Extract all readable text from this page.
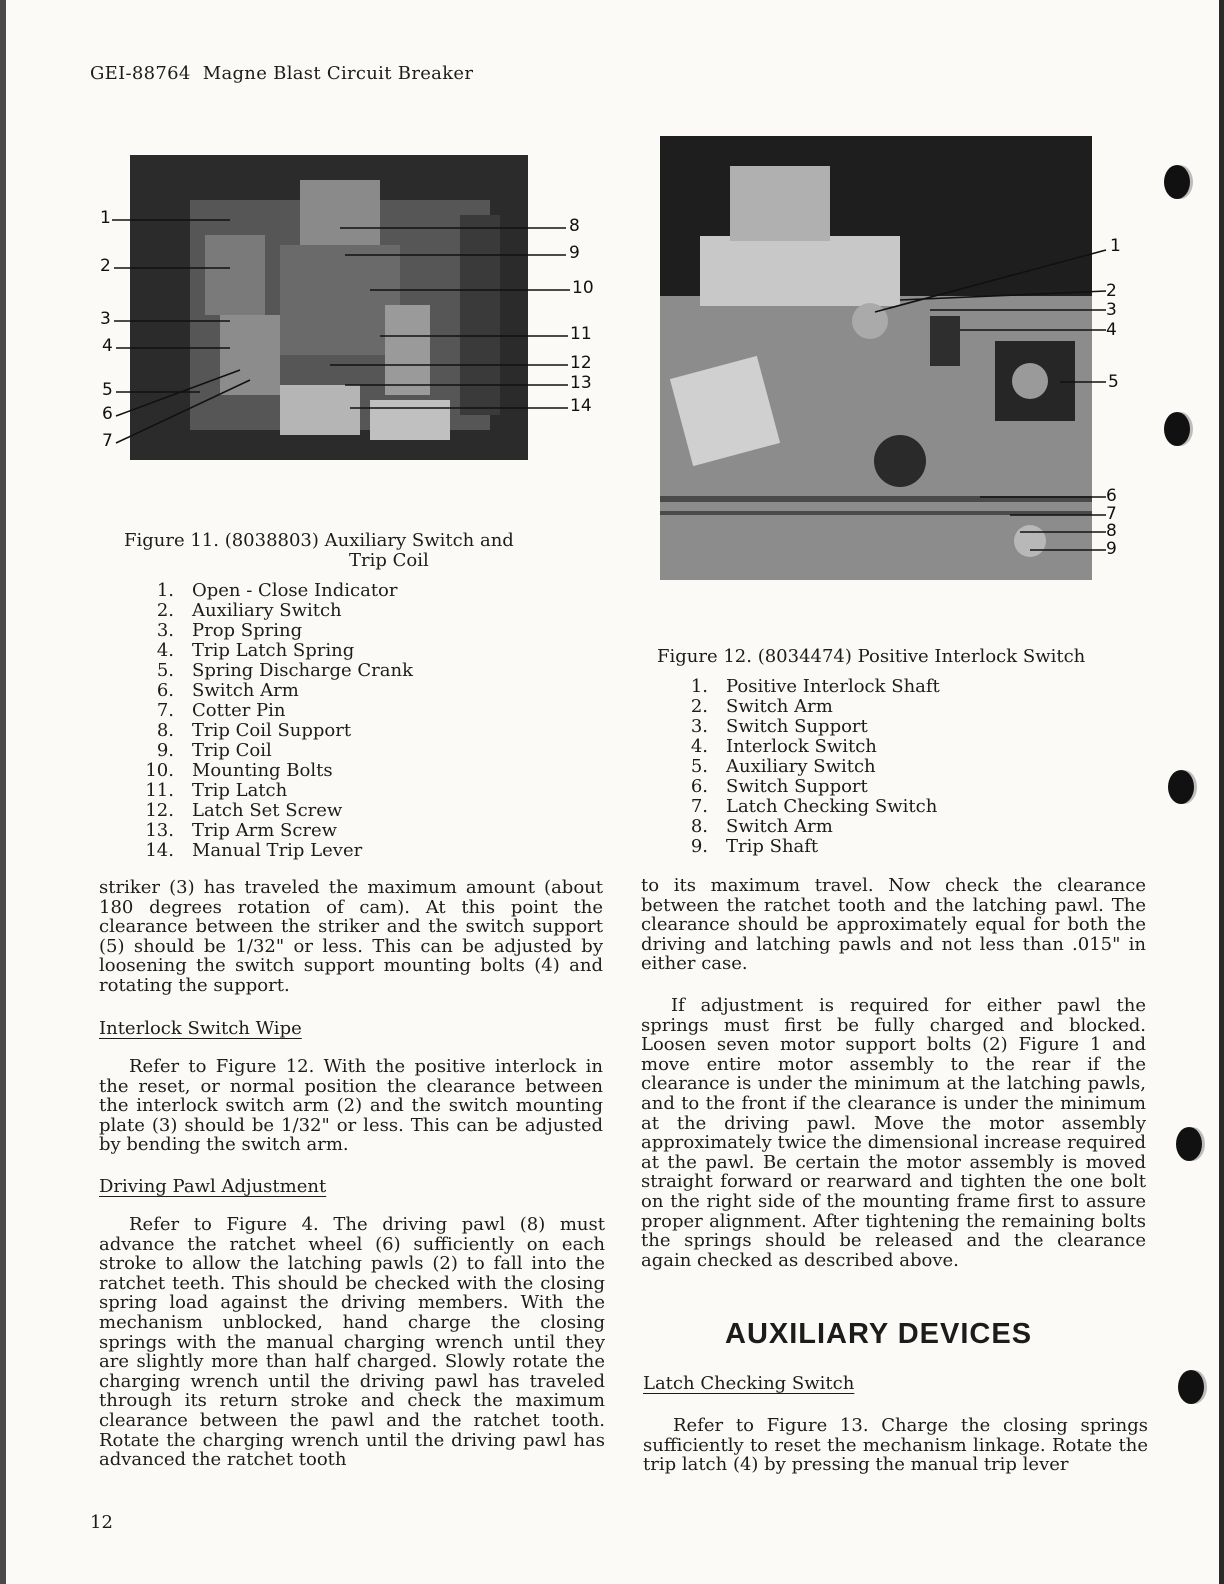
GEI-88764 Magne Blast Circuit Breaker
1
2
3
4
5
6
7
8
9
10
11
12
13
14
1
2
3
4
5
6
7
8
9
Figure 11. (8038803) Auxiliary Switch and
Trip Coil
1.	Open - Close Indicator
2.	Auxiliary Switch
3.	Prop Spring
4.	Trip Latch Spring
5.	Spring Discharge Crank
6.	Switch Arm
7.	Cotter Pin
8.	Trip Coil Support
9.	Trip Coil
10.	Mounting Bolts
11.	Trip Latch
12.	Latch Set Screw
13.	Trip Arm Screw
14.	Manual Trip Lever
Figure 12. (8034474) Positive Interlock Switch
1.	Positive Interlock Shaft
2.	Switch Arm
3.	Switch Support
4.	Interlock Switch
5.	Auxiliary Switch
6.	Switch Support
7.	Latch Checking Switch
8.	Switch Arm
9.	Trip Shaft

striker (3) has traveled the maximum amount (about 180 degrees rotation of cam). At this point the clearance between the striker and the switch support (5) should be 1/32" or less. This can be adjusted by loosening the switch support mounting bolts (4) and rotating the support.

Interlock Switch Wipe

Refer to Figure 12. With the positive interlock in the reset, or normal position the clearance between the interlock switch arm (2) and the switch mounting plate (3) should be 1/32" or less. This can be adjusted by bending the switch arm.

Driving Pawl Adjustment

Refer to Figure 4. The driving pawl (8) must advance the ratchet wheel (6) sufficiently on each stroke to allow the latching pawls (2) to fall into the ratchet teeth. This should be checked with the closing spring load against the driving members. With the mechanism unblocked, hand charge the closing springs with the manual charging wrench until they are slightly more than half charged. Slowly rotate the charging wrench until the driving pawl has traveled through its return stroke and check the maximum clearance between the pawl and the ratchet tooth. Rotate the charging wrench until the driving pawl has advanced the ratchet tooth

to its maximum travel. Now check the clearance between the ratchet tooth and the latching pawl. The clearance should be approximately equal for both the driving and latching pawls and not less than .015" in either case.

If adjustment is required for either pawl the springs must first be fully charged and blocked. Loosen seven motor support bolts (2) Figure 1 and move entire motor assembly to the rear if the clearance is under the minimum at the latching pawls, and to the front if the clearance is under the minimum at the driving pawl. Move the motor assembly approximately twice the dimensional increase required at the pawl. Be certain the motor assembly is moved straight forward or rearward and tighten the one bolt on the right side of the mounting frame first to assure proper alignment. After tightening the remaining bolts the springs should be released and the clearance again checked as described above.

AUXILIARY DEVICES
Latch Checking Switch

Refer to Figure 13. Charge the closing springs sufficiently to reset the mechanism linkage. Rotate the trip latch (4) by pressing the manual trip lever

12
